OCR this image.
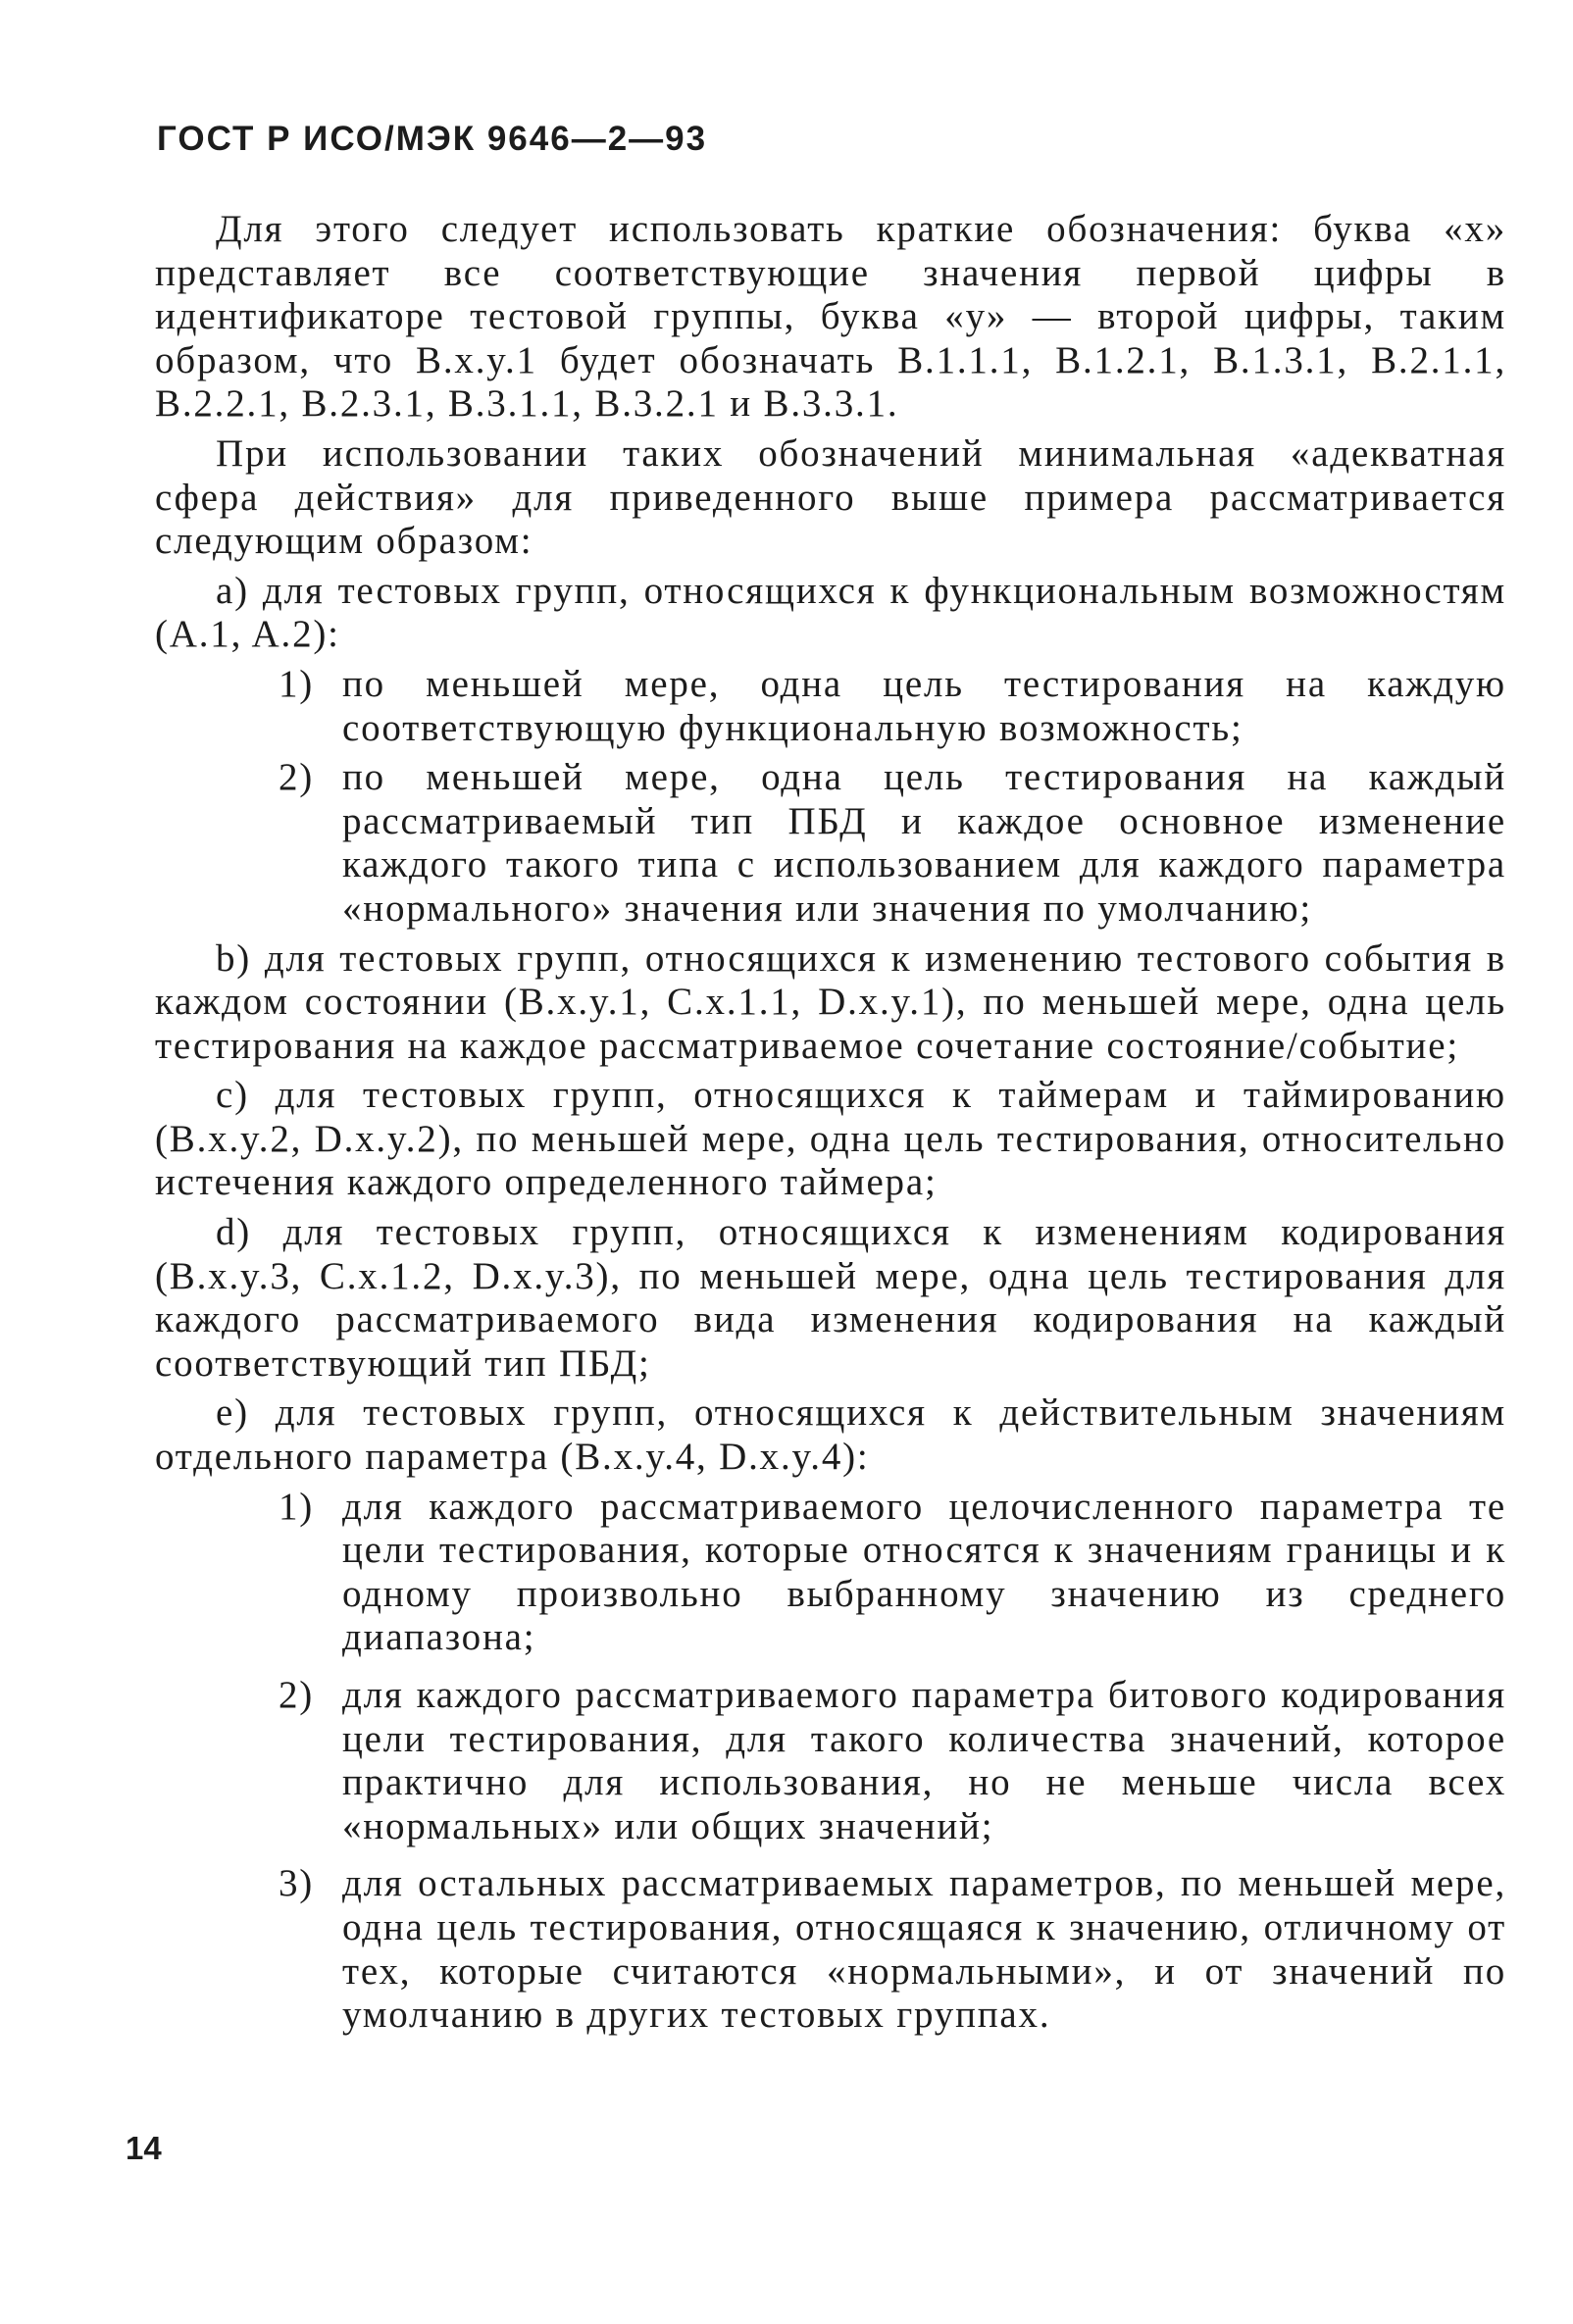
ГОСТ Р ИСО/МЭК 9646—2—93

Для этого следует использовать краткие обозначения: буква «x» представляет все соответствующие значения первой цифры в идентификаторе тестовой группы, буква «y» — второй цифры, таким образом, что B.x.y.1 будет обозначать B.1.1.1, B.1.2.1, B.1.3.1, B.2.1.1, B.2.2.1, B.2.3.1, B.3.1.1, B.3.2.1 и B.3.3.1.

При использовании таких обозначений минимальная «адекватная сфера действия» для приведенного выше примера рассматривается следующим образом:

a) для тестовых групп, относящихся к функциональным возможностям (A.1, A.2):

1) по меньшей мере, одна цель тестирования на каждую соответствующую функциональную возможность;
2) по меньшей мере, одна цель тестирования на каждый рассматриваемый тип ПБД и каждое основное изменение каждого такого типа с использованием для каждого параметра «нормального» значения или значения по умолчанию;

b) для тестовых групп, относящихся к изменению тестового события в каждом состоянии (B.x.y.1, C.x.1.1, D.x.y.1), по меньшей мере, одна цель тестирования на каждое рассматриваемое сочетание состояние/событие;

c) для тестовых групп, относящихся к таймерам и таймированию (B.x.y.2, D.x.y.2), по меньшей мере, одна цель тестирования, относительно истечения каждого определенного таймера;

d) для тестовых групп, относящихся к изменениям кодирования (B.x.y.3, C.x.1.2, D.x.y.3), по меньшей мере, одна цель тестирования для каждого рассматриваемого вида изменения кодирования на каждый соответствующий тип ПБД;

e) для тестовых групп, относящихся к действительным значениям отдельного параметра (B.x.y.4, D.x.y.4):

1) для каждого рассматриваемого целочисленного параметра те цели тестирования, которые относятся к значениям границы и к одному произвольно выбранному значению из среднего диапазона;
2) для каждого рассматриваемого параметра битового кодирования цели тестирования, для такого количества значений, которое практично для использования, но не меньше числа всех «нормальных» или общих значений;
3) для остальных рассматриваемых параметров, по меньшей мере, одна цель тестирования, относящаяся к значению, отличному от тех, которые считаются «нормальными», и от значений по умолчанию в других тестовых группах.
14
